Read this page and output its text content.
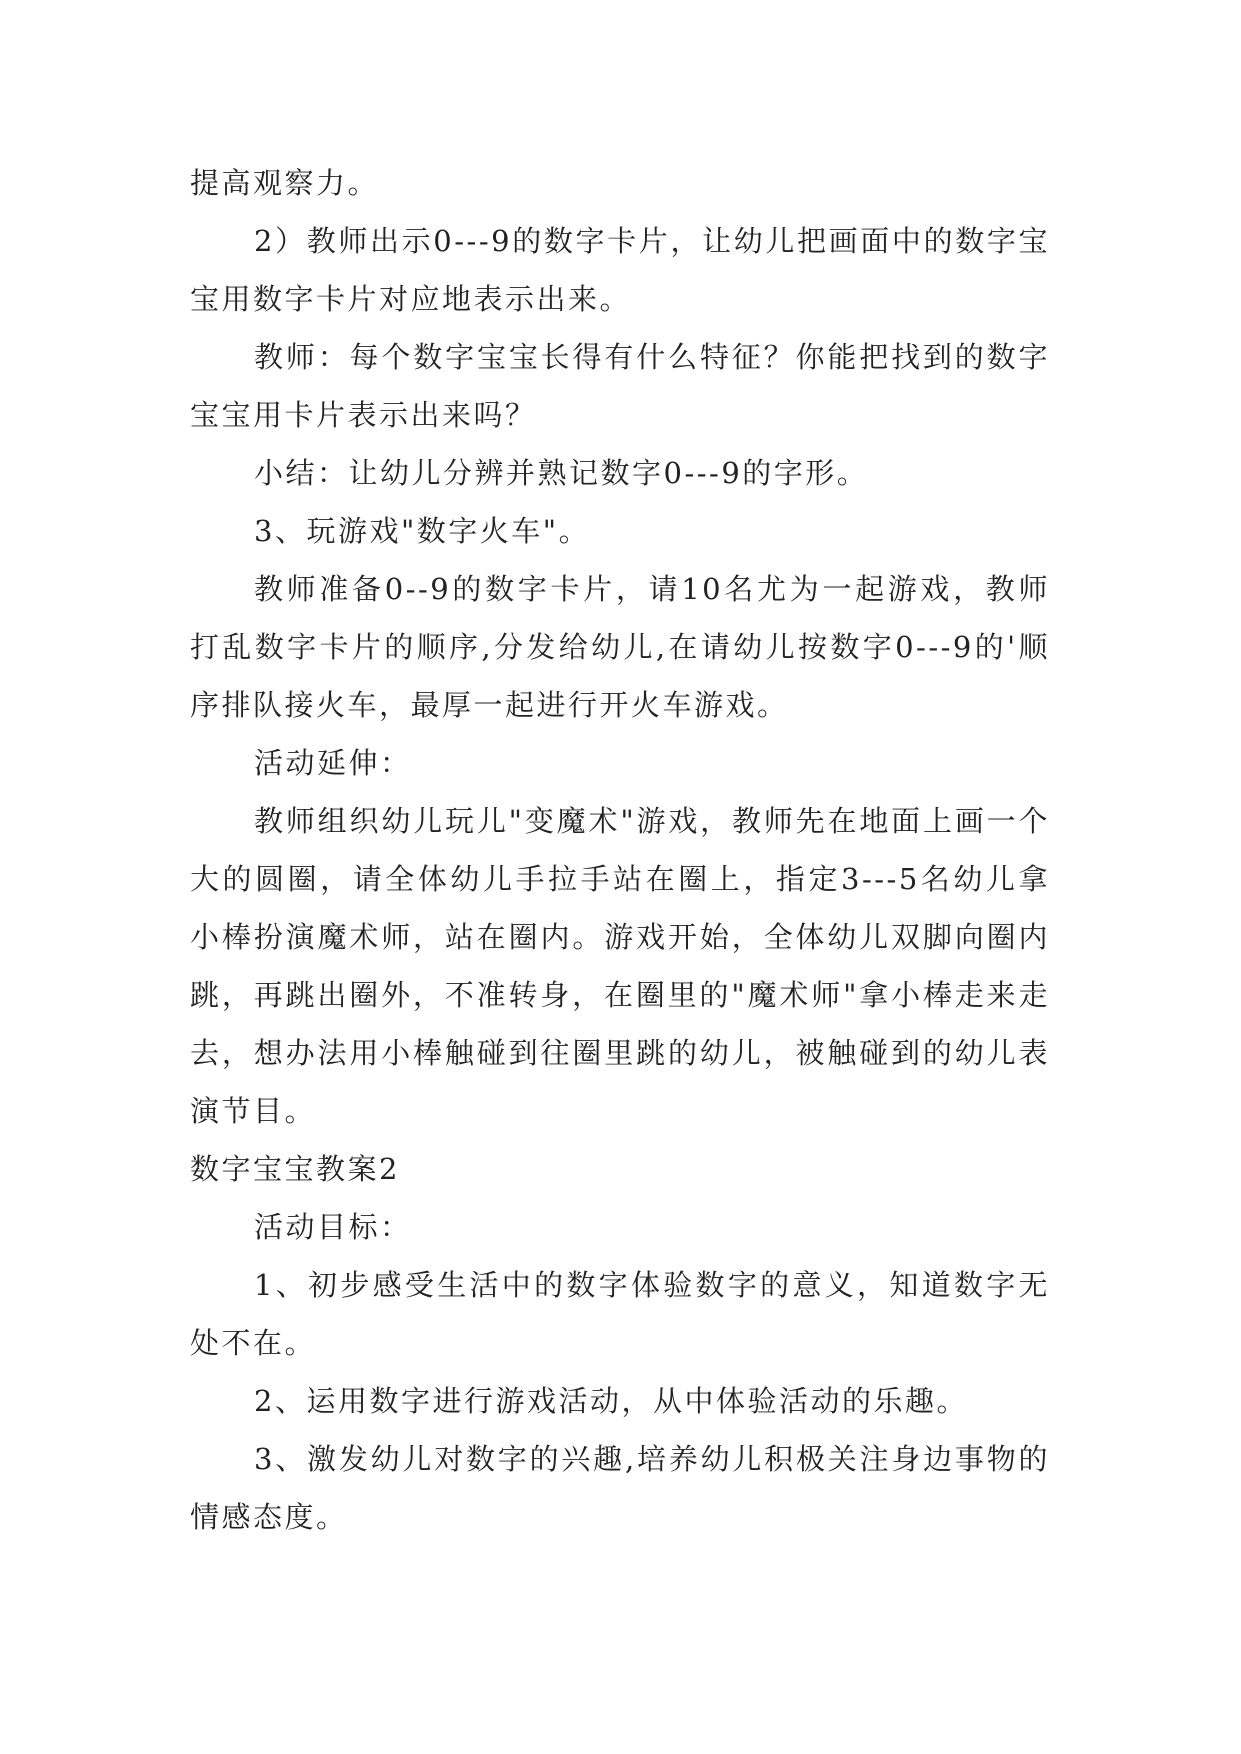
提高观察力。

2）教师出示0---9的数字卡片，让幼儿把画面中的数字宝宝用数字卡片对应地表示出来。

教师：每个数字宝宝长得有什么特征？你能把找到的数字宝宝用卡片表示出来吗？

小结：让幼儿分辨并熟记数字0---9的字形。

3、玩游戏"数字火车"。

教师准备0--9的数字卡片，请10名尤为一起游戏，教师打乱数字卡片的顺序,分发给幼儿,在请幼儿按数字0---9的'顺序排队接火车，最厚一起进行开火车游戏。

活动延伸：

教师组织幼儿玩儿"变魔术"游戏，教师先在地面上画一个大的圆圈，请全体幼儿手拉手站在圈上，指定3---5名幼儿拿小棒扮演魔术师，站在圈内。游戏开始，全体幼儿双脚向圈内跳，再跳出圈外，不准转身，在圈里的"魔术师"拿小棒走来走去，想办法用小棒触碰到往圈里跳的幼儿，被触碰到的幼儿表演节目。

数字宝宝教案2

活动目标：

1、初步感受生活中的数字体验数字的意义，知道数字无处不在。

2、运用数字进行游戏活动，从中体验活动的乐趣。

3、激发幼儿对数字的兴趣,培养幼儿积极关注身边事物的情感态度。
